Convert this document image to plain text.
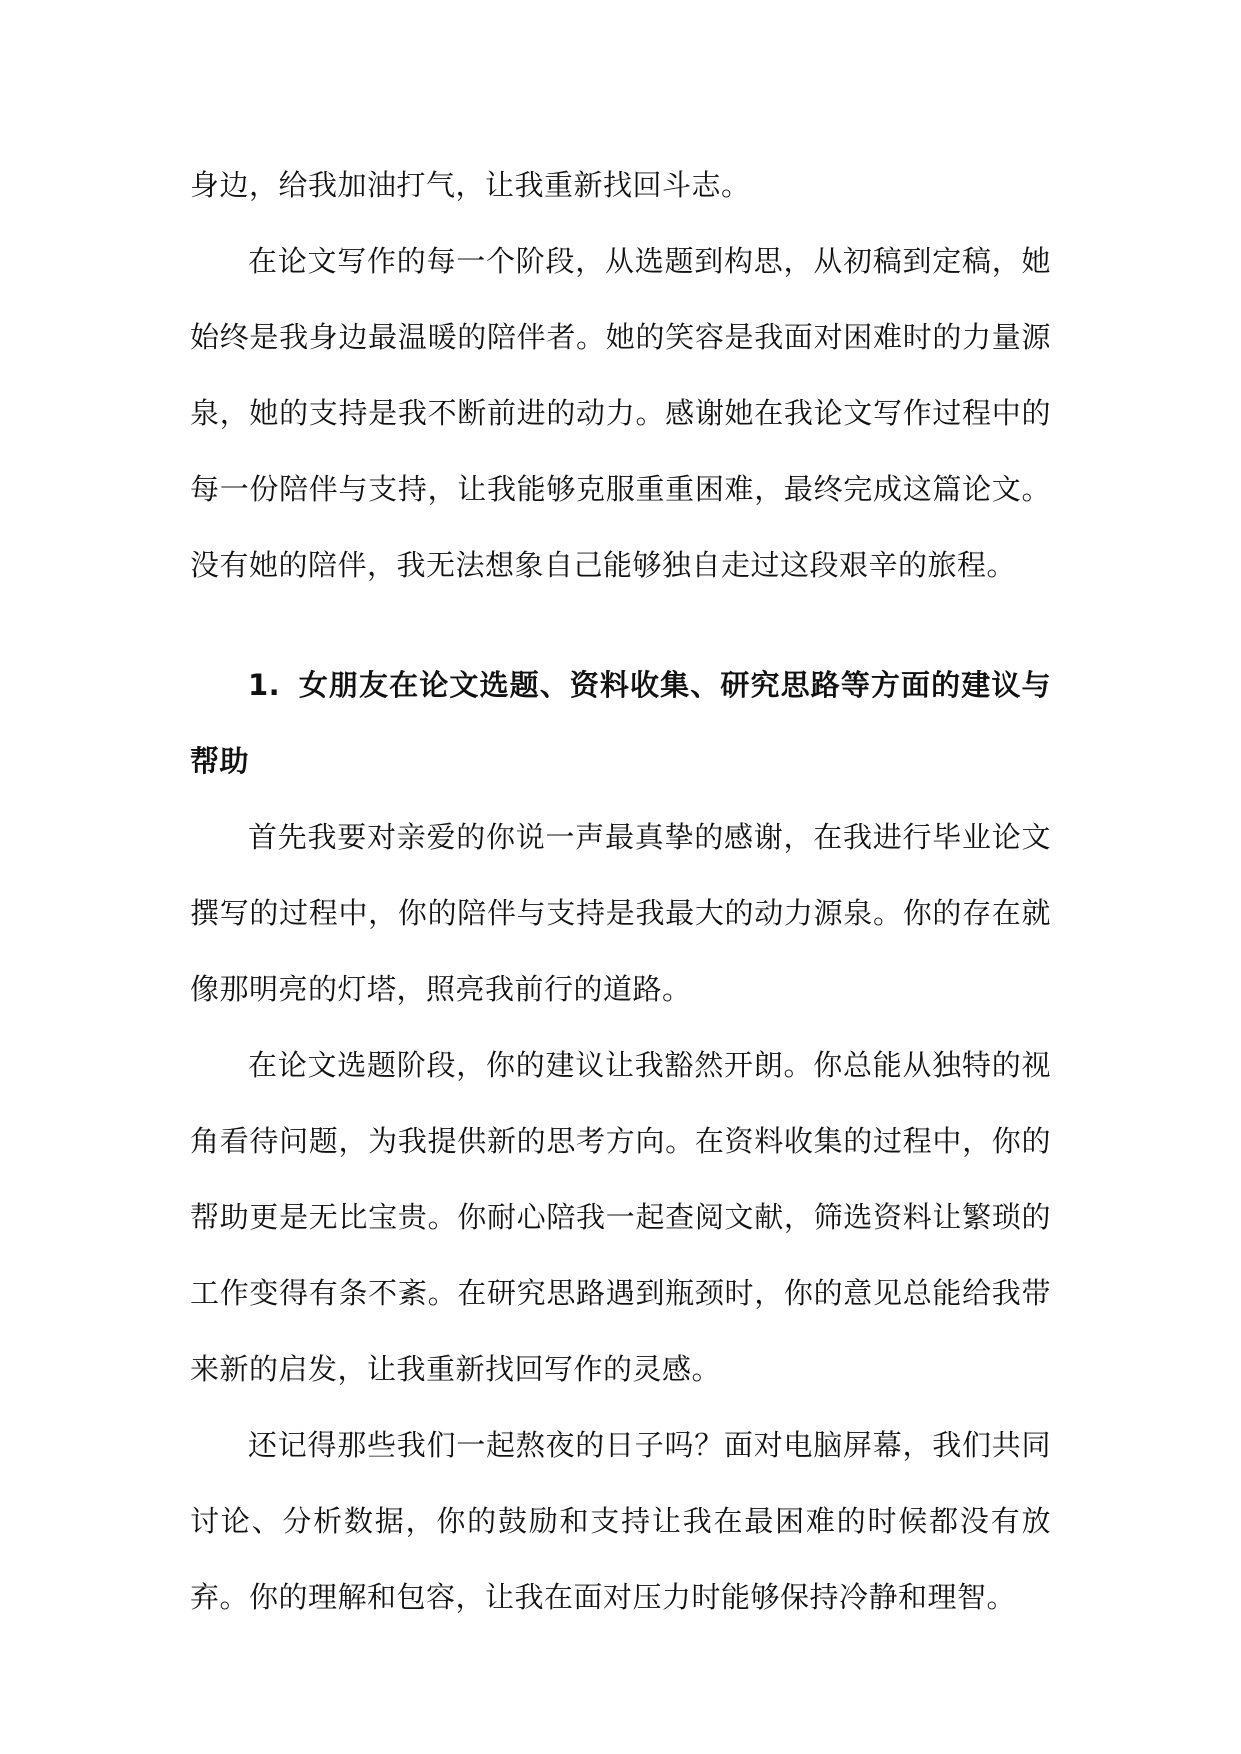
身边，给我加油打气，让我重新找回斗志。

在论文写作的每一个阶段，从选题到构思，从初稿到定稿，她始终是我身边最温暖的陪伴者。她的笑容是我面对困难时的力量源泉，她的支持是我不断前进的动力。感谢她在我论文写作过程中的每一份陪伴与支持，让我能够克服重重困难，最终完成这篇论文。没有她的陪伴，我无法想象自己能够独自走过这段艰辛的旅程。

1. 女朋友在论文选题、资料收集、研究思路等方面的建议与帮助

首先我要对亲爱的你说一声最真挚的感谢，在我进行毕业论文撰写的过程中，你的陪伴与支持是我最大的动力源泉。你的存在就像那明亮的灯塔，照亮我前行的道路。

在论文选题阶段，你的建议让我豁然开朗。你总能从独特的视角看待问题，为我提供新的思考方向。在资料收集的过程中，你的帮助更是无比宝贵。你耐心陪我一起查阅文献，筛选资料让繁琐的工作变得有条不紊。在研究思路遇到瓶颈时，你的意见总能给我带来新的启发，让我重新找回写作的灵感。

还记得那些我们一起熬夜的日子吗？面对电脑屏幕，我们共同讨论、分析数据，你的鼓励和支持让我在最困难的时候都没有放弃。你的理解和包容，让我在面对压力时能够保持冷静和理智。
